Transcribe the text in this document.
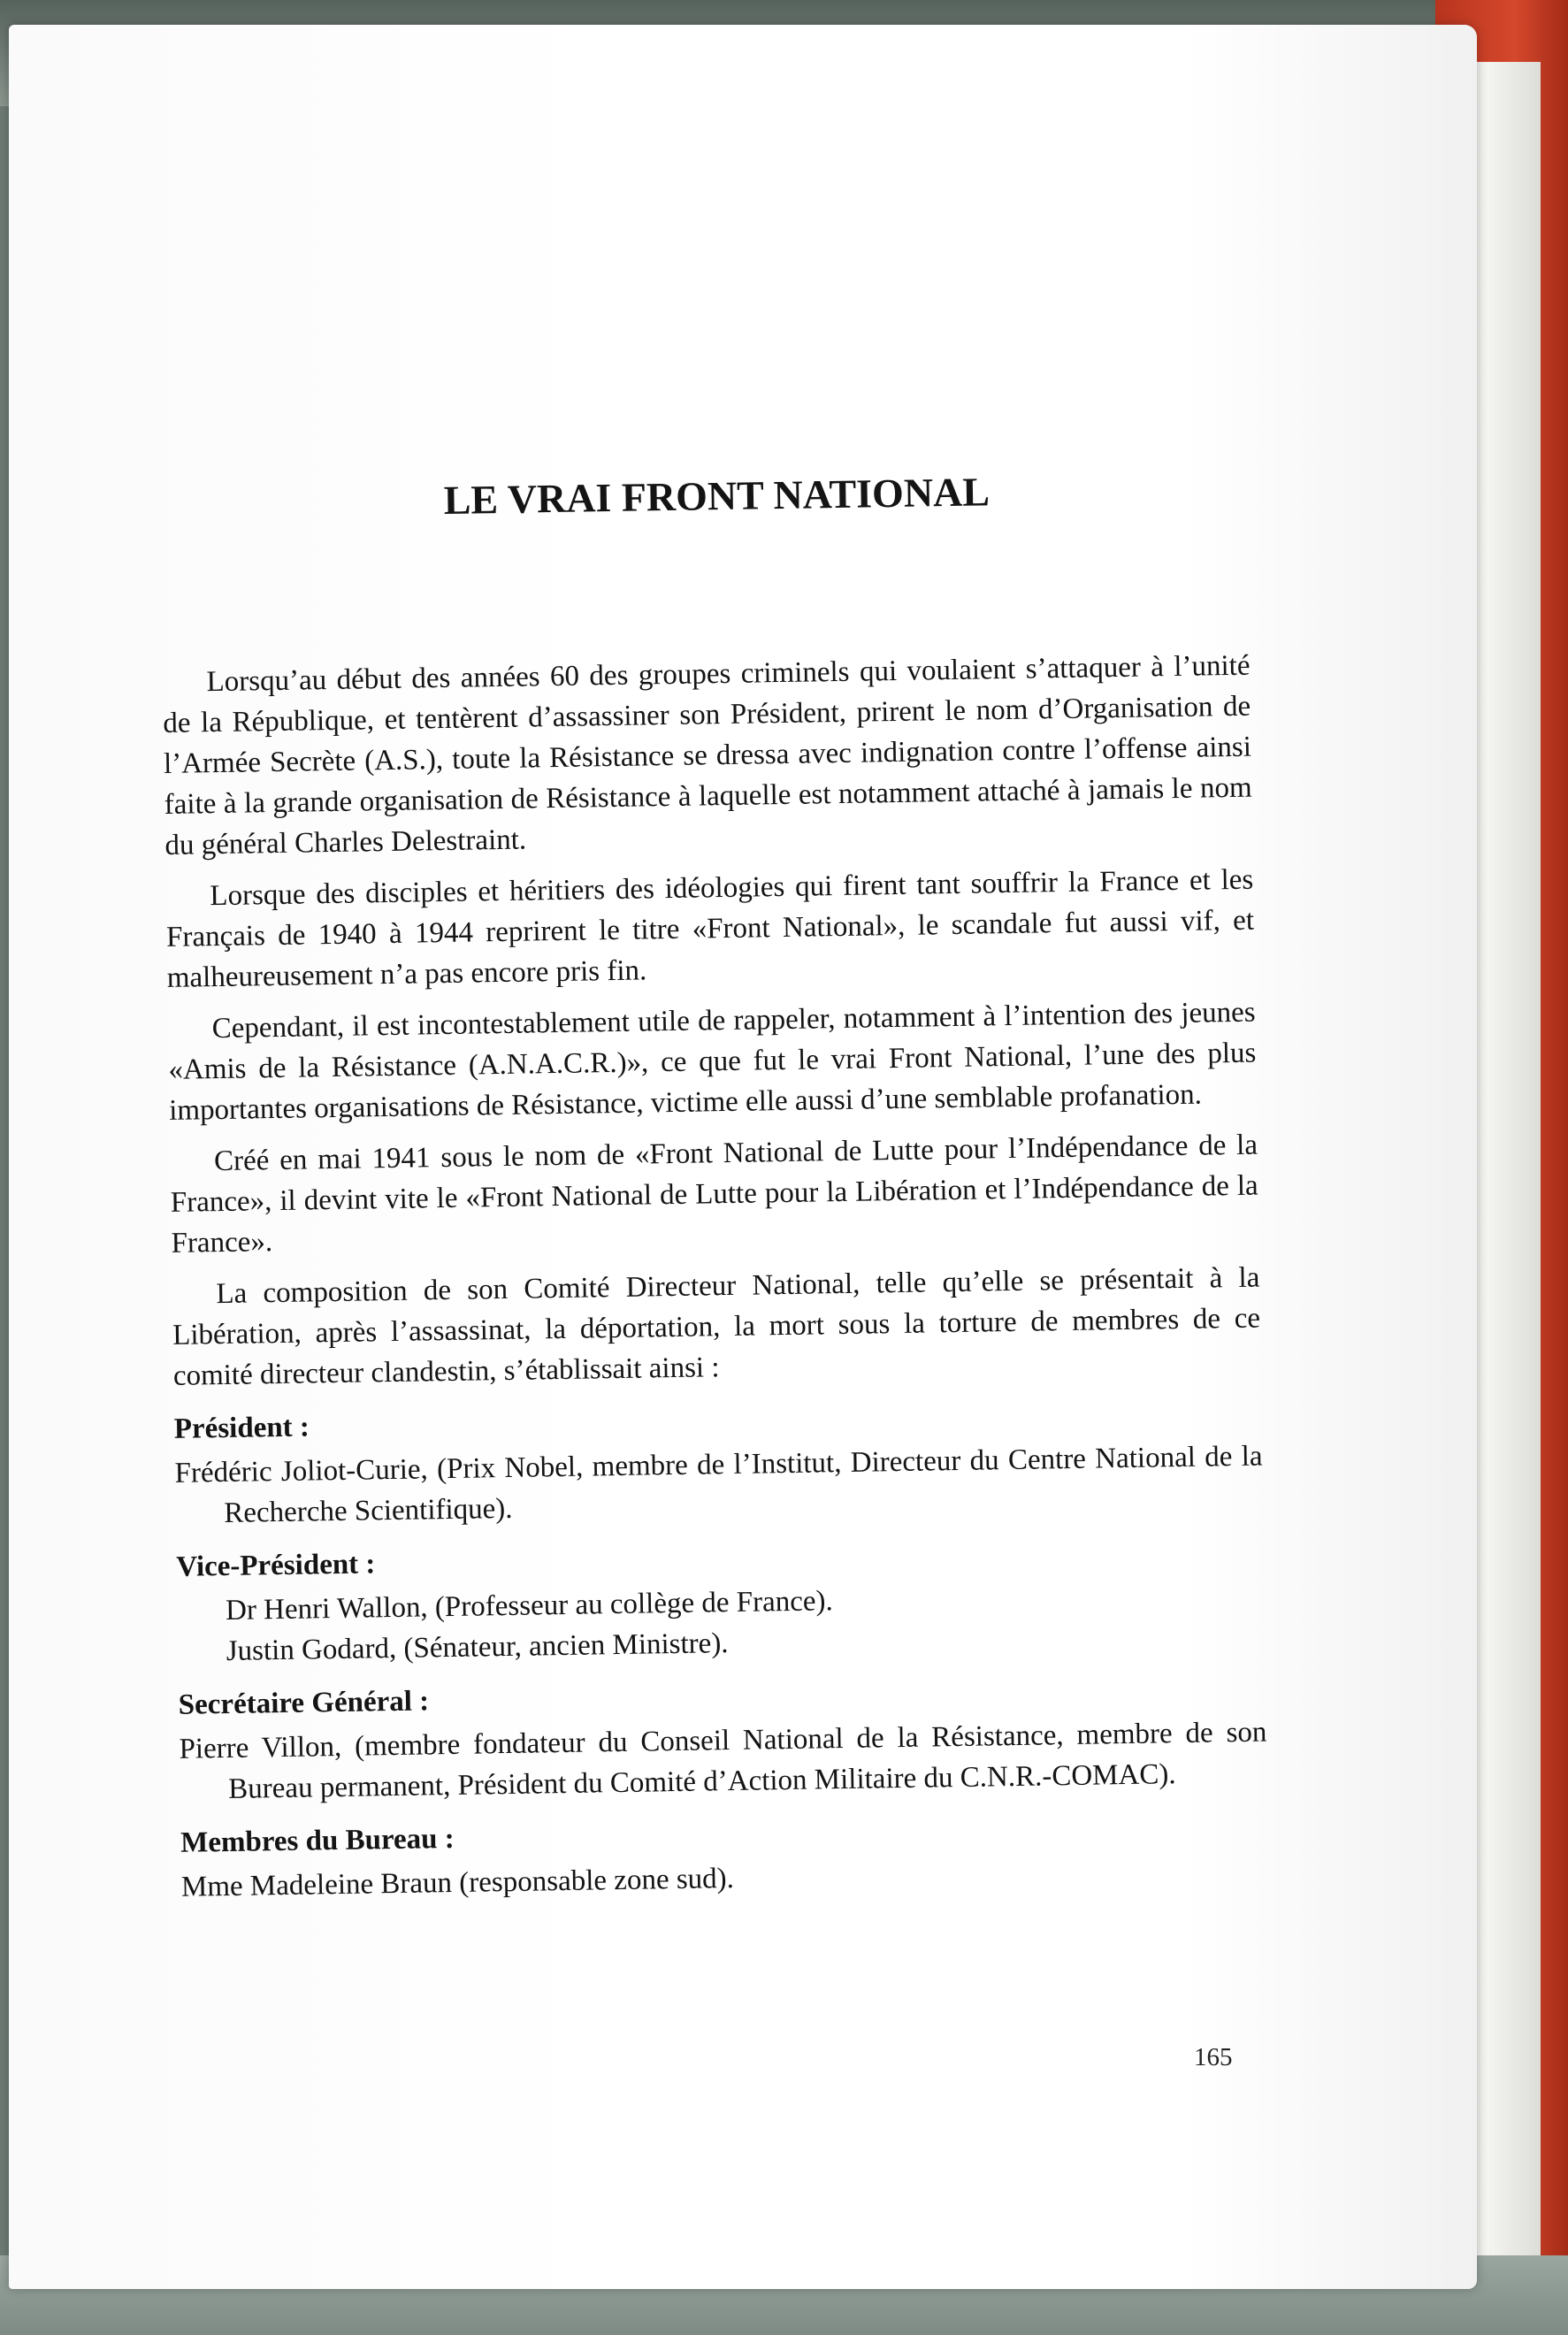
LE VRAI FRONT NATIONAL

Lorsqu’au début des années 60 des groupes criminels qui voulaient s’attaquer à l’unité de la République, et tentèrent d’assassiner son Président, prirent le nom d’Organisation de l’Armée Secrète (A.S.), toute la Résistance se dressa avec indignation contre l’offense ainsi faite à la grande organisation de Résistance à laquelle est notamment attaché à jamais le nom du général Charles Delestraint.

Lorsque des disciples et héritiers des idéologies qui firent tant souffrir la France et les Français de 1940 à 1944 reprirent le titre «Front National», le scandale fut aussi vif, et malheureusement n’a pas encore pris fin.

Cependant, il est incontestablement utile de rappeler, notamment à l’intention des jeunes «Amis de la Résistance (A.N.A.C.R.)», ce que fut le vrai Front National, l’une des plus importantes organisations de Résistance, victime elle aussi d’une semblable profanation.

Créé en mai 1941 sous le nom de «Front National de Lutte pour l’Indépendance de la France», il devint vite le «Front National de Lutte pour la Libération et l’Indépendance de la France».

La composition de son Comité Directeur National, telle qu’elle se présentait à la Libération, après l’assassinat, la déportation, la mort sous la torture de membres de ce comité directeur clandestin, s’établissait ainsi :

Président :

Frédéric Joliot-Curie, (Prix Nobel, membre de l’Institut, Directeur du Centre National de la Recherche Scientifique).

Vice-Président :

Dr Henri Wallon, (Professeur au collège de France).

Justin Godard, (Sénateur, ancien Ministre).

Secrétaire Général :

Pierre Villon, (membre fondateur du Conseil National de la Résistance, membre de son Bureau permanent, Président du Comité d’Action Militaire du C.N.R.-COMAC).

Membres du Bureau :

Mme Madeleine Braun (responsable zone sud).

165
